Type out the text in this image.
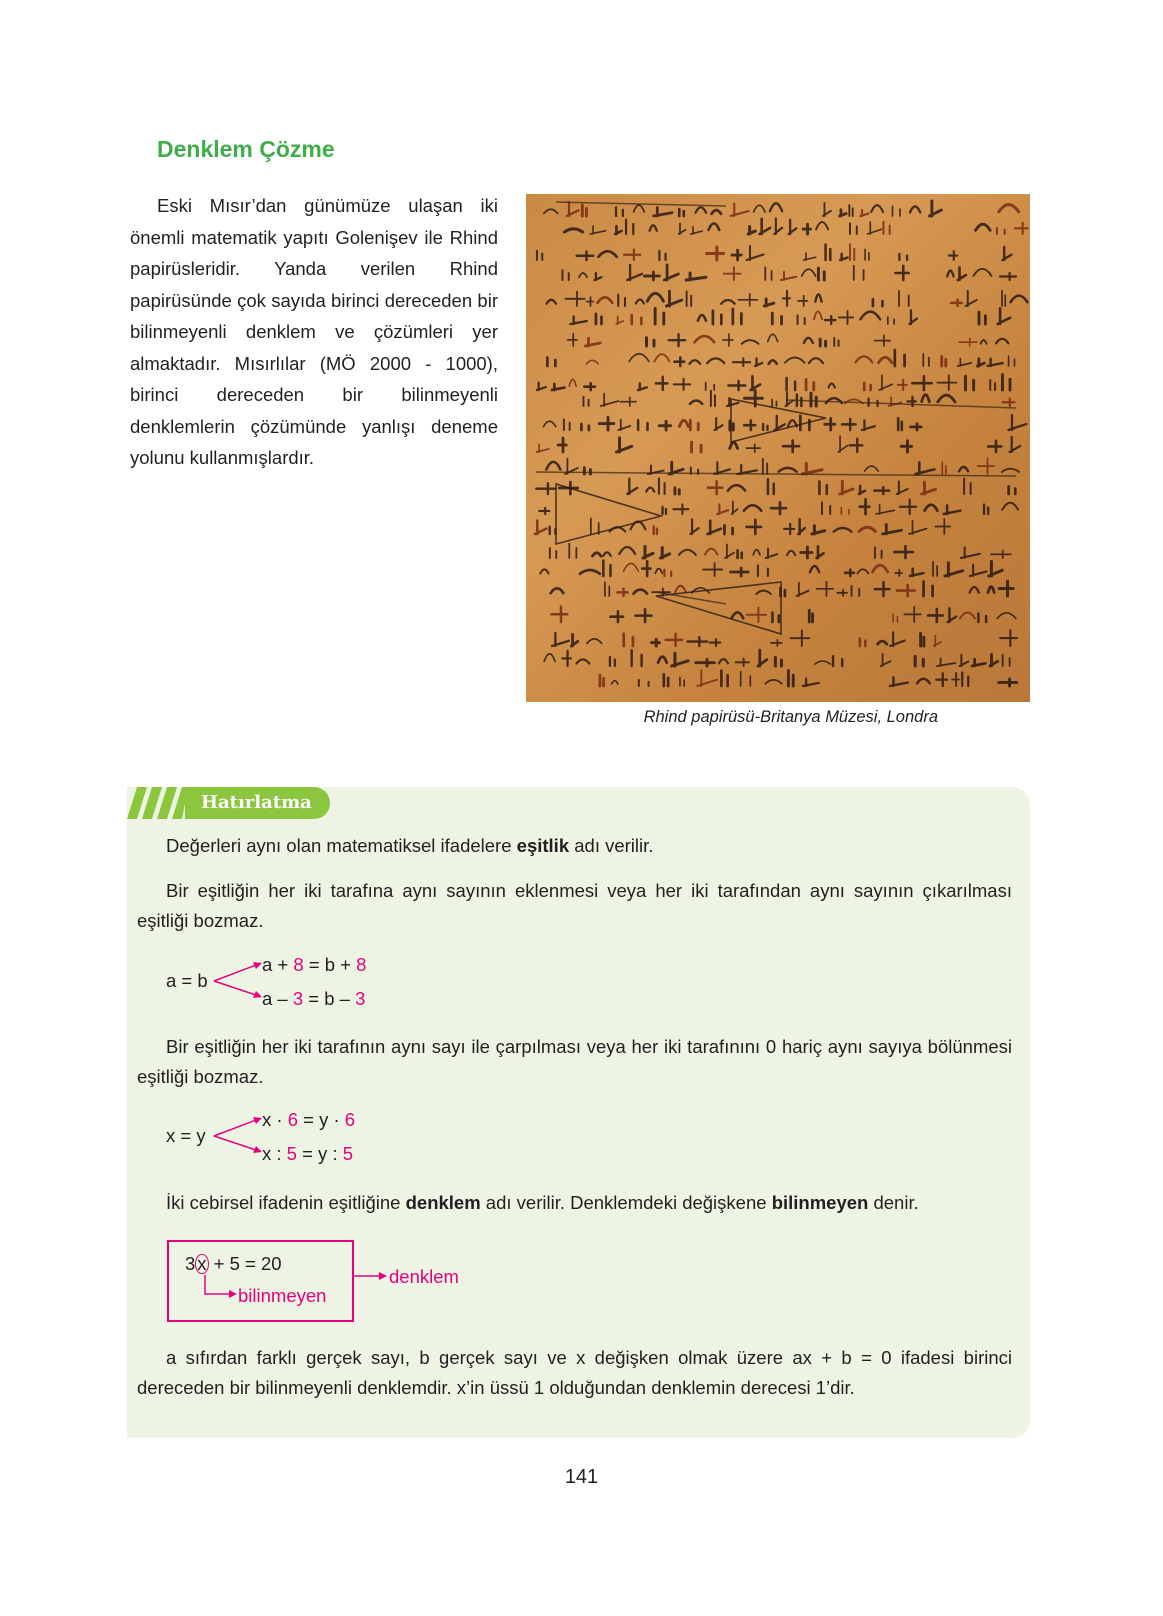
Denklem Çözme
Eski Mısır’dan günümüze ulaşan iki önemli matematik yapıtı Golenişev ile Rhind papirüsleridir. Yanda verilen Rhind papirüsünde çok sayıda birinci dereceden bir bilinmeyenli denklem ve çözümleri yer almaktadır. Mısırlılar (MÖ 2000 - 1000), birinci dereceden bir bilinmeyenli denklemlerin çözümünde yanlışı deneme yolunu kullanmışlardır.
Rhind papirüsü-Britanya Müzesi, Londra
Hatırlatma
Değerleri aynı olan matematiksel ifadelere eşitlik adı verilir.
Bir eşitliğin her iki tarafına aynı sayının eklenmesi veya her iki tarafından aynı sayının çıkarılması eşitliği bozmaz.
a = b
a + 8 = b + 8
a – 3 = b – 3
Bir eşitliğin her iki tarafının aynı sayı ile çarpılması veya her iki tarafınını 0 hariç aynı sayıya bölünmesi eşitliği bozmaz.
x = y
x · 6 = y · 6
x : 5 = y : 5
İki cebirsel ifadenin eşitliğine denklem adı verilir. Denklemdeki değişkene bilinmeyen denir.
3 x + 5 = 20
bilinmeyen
denklem
a sıfırdan farklı gerçek sayı, b gerçek sayı ve x değişken olmak üzere ax + b = 0 ifadesi birinci dereceden bir bilinmeyenli denklemdir. x’in üssü 1 olduğundan denklemin derecesi 1’dir.
141
